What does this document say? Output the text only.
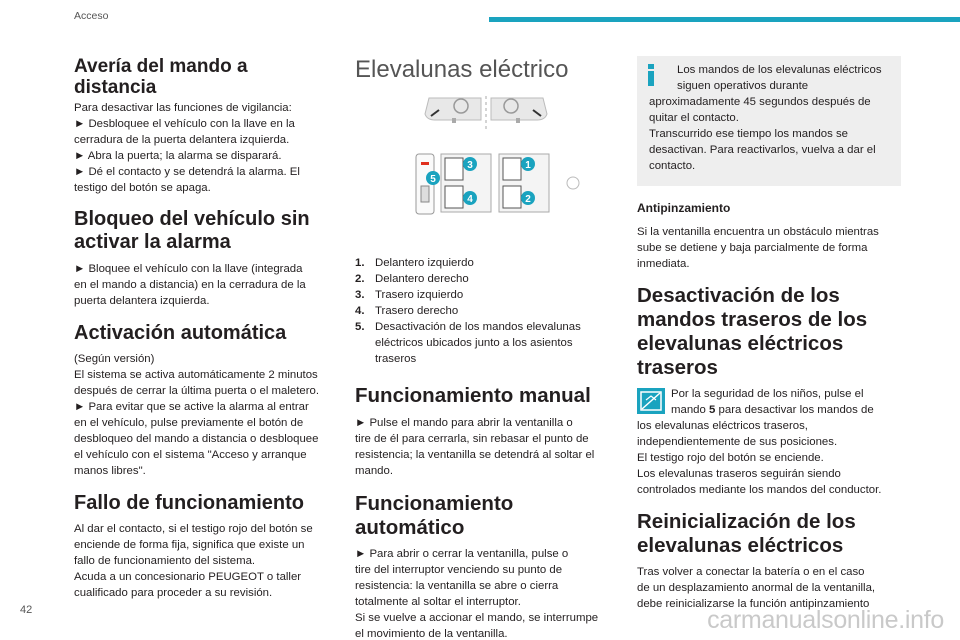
Acceso
Avería del mando a
distancia

Para desactivar las funciones de vigilancia:

► Desbloquee el vehículo con la llave en la

cerradura de la puerta delantera izquierda.

► Abra la puerta; la alarma se disparará.

► Dé el contacto y se detendrá la alarma. El

testigo del botón se apaga.

Bloqueo del vehículo sin
activar la alarma

► Bloquee el vehículo con la llave (integrada

en el mando a distancia) en la cerradura de la

puerta delantera izquierda.

Activación automática

(Según versión)

El sistema se activa automáticamente 2 minutos

después de cerrar la última puerta o el maletero.

► Para evitar que se active la alarma al entrar

en el vehículo, pulse previamente el botón de

desbloqueo del mando a distancia o desbloquee

el vehículo con el sistema "Acceso y arranque

manos libres".

Fallo de funcionamiento

Al dar el contacto, si el testigo rojo del botón se

enciende de forma fija, significa que existe un

fallo de funcionamiento del sistema.

Acuda a un concesionario PEUGEOT o taller

cualificado para proceder a su revisión.

Elevalunas eléctrico
5
3	1
4	2
1. Delantero izquierdo
2. Delantero derecho
3. Trasero izquierdo
4. Trasero derecho
5. Desactivación de los mandos elevalunas
eléctricos ubicados junto a los asientos
traseros
Funcionamiento manual

► Pulse el mando para abrir la ventanilla o

tire de él para cerrarla, sin rebasar el punto de

resistencia; la ventanilla se detendrá al soltar el

mando.

Funcionamiento automático

► Para abrir o cerrar la ventanilla, pulse o

tire del interruptor venciendo su punto de

resistencia: la ventanilla se abre o cierra

totalmente al soltar el interruptor.

Si se vuelve a accionar el mando, se interrumpe

el movimiento de la ventanilla.

Los mandos de los elevalunas eléctricos

siguen operativos durante

aproximadamente 45 segundos después de

quitar el contacto.

Transcurrido ese tiempo los mandos se

desactivan. Para reactivarlos, vuelva a dar el

contacto.

Antipinzamiento

Si la ventanilla encuentra un obstáculo mientras

sube se detiene y baja parcialmente de forma

inmediata.

Desactivación de los
mandos traseros de los
elevalunas eléctricos
traseros

Por la seguridad de los niños, pulse el

mando 5 para desactivar los mandos de

los elevalunas eléctricos traseros,

independientemente de sus posiciones.

El testigo rojo del botón se enciende.

Los elevalunas traseros seguirán siendo

controlados mediante los mandos del conductor.

Reinicialización de los
elevalunas eléctricos

Tras volver a conectar la batería o en el caso

de un desplazamiento anormal de la ventanilla,

debe reinicializarse la función antipinzamiento

42	carmanualsonline.info
